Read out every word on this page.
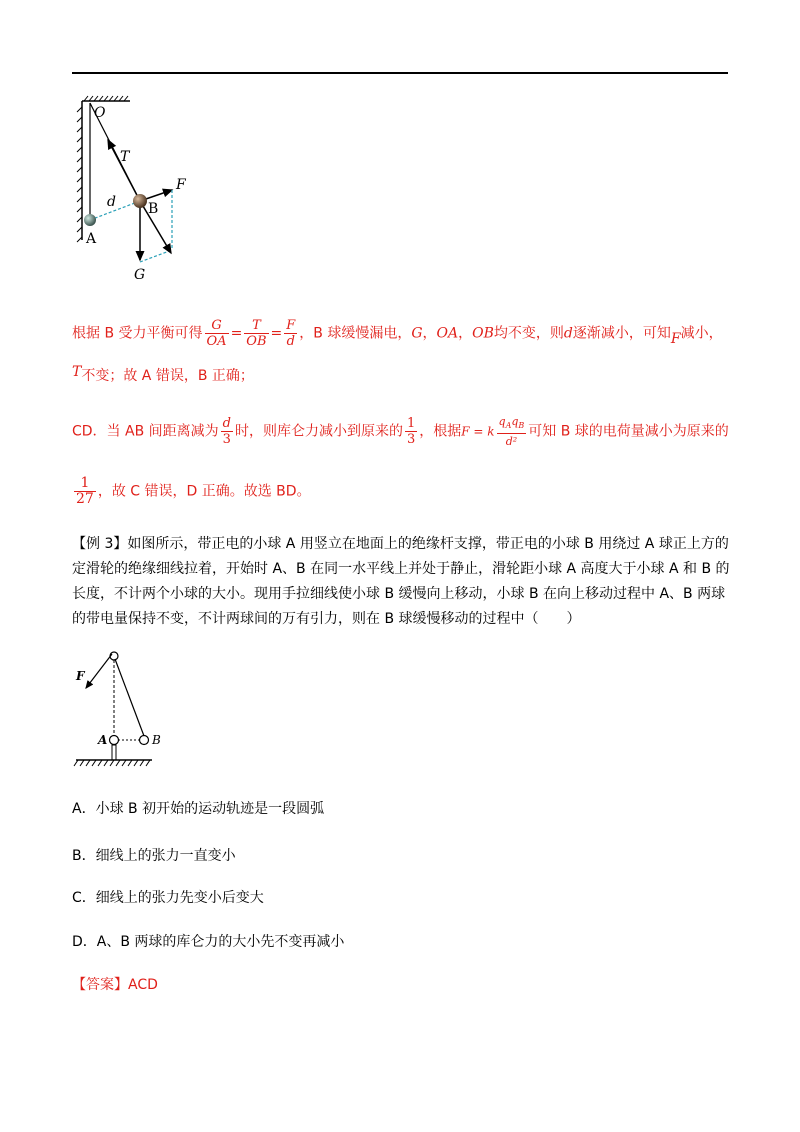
O
T
d B
F
A
G
根据 B 受力平衡可得 $\frac{G}{OA} = \frac{T}{OB} = \frac{F}{d}$ ，B 球缓慢漏电，G，OA，OB均不变，则d逐渐减小，可知F减小，
T不变；故 A 错误，B 正确；
CD．当 AB 间距离减为 $\frac{d}{3}$ 时，则库仑力减小到原来的 $\frac{1}{3}$ ，根据F = k $\frac{q_Aq_B}{\text{d²}}$ 可知 B 球的电荷量减小为原来的
$\frac{1}{27}$ ，故 C 错误，D 正确。故选 BD。
【例 3】如图所示，带正电的小球 A 用竖立在地面上的绝缘杆支撑，带正电的小球 B 用绕过 A 球正上方的定滑轮的绝缘细线拉着，开始时 A、B 在同一水平线上并处于静止，滑轮距小球 A 高度大于小球 A 和 B 的长度，不计两个小球的大小。现用手拉细线使小球 B 缓慢向上移动，小球 B 在向上移动过程中 A、B 两球的带电量保持不变，不计两球间的万有引力，则在 B 球缓慢移动的过程中（　　）
F
A	B
A．小球 B 初开始的运动轨迹是一段圆弧
B．细线上的张力一直变小
C．细线上的张力先变小后变大
D．A、B 两球的库仑力的大小先不变再减小
【答案】ACD
